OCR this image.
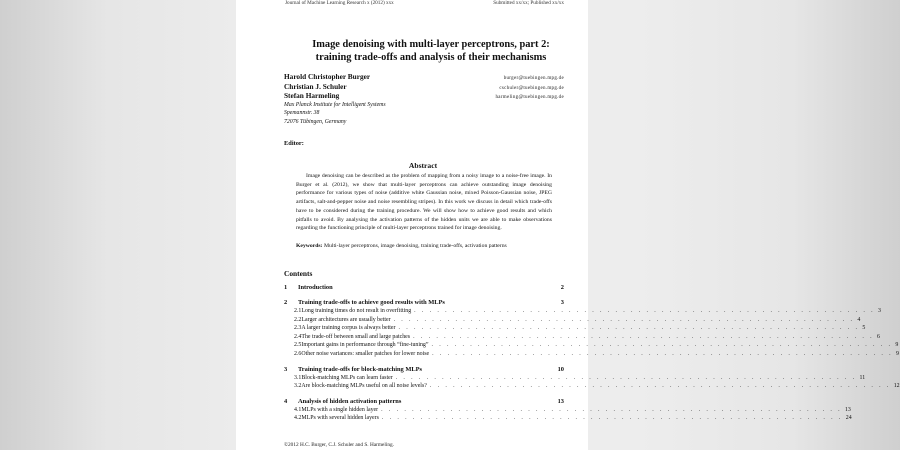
Journal of Machine Learning Research x (2012) xxx	Submitted xx/xx; Published xx/xx
Image denoising with multi-layer perceptrons, part 2:
training trade-offs and analysis of their mechanisms
Harold Christopher Burger	burger@tuebingen.mpg.de
Christian J. Schuler	cschuler@tuebingen.mpg.de
Stefan Harmeling	harmeling@tuebingen.mpg.de
Max Planck Institute for Intelligent Systems
Spemannstr. 38
72076 Tübingen, Germany
Editor:
Abstract
Image denoising can be described as the problem of mapping from a noisy image to a noise-free image. In Burger et al. (2012), we show that multi-layer perceptrons can achieve outstanding image denoising performance for various types of noise (additive white Gaussian noise, mixed Poisson-Gaussian noise, JPEG artifacts, salt-and-pepper noise and noise resembling stripes). In this work we discuss in detail which trade-offs have to be considered during the training procedure. We will show how to achieve good results and which pitfalls to avoid. By analysing the activation patterns of the hidden units we are able to make observations regarding the functioning principle of multi-layer perceptrons trained for image denoising.
Keywords: Multi-layer perceptrons, image denoising, training trade-offs, activation patterns
Contents
1	Introduction	2
2	Training trade-offs to achieve good results with MLPs	3
2.1 Long training times do not result in overfitting . . . . . . . . . . . . . . . . . . . . . . . . . . . . . . . . . . . . . . . . . . . . . . . . . . . . . . . . . . . . 3
2.2 Larger architectures are usually better . . . . . . . . . . . . . . . . . . . . . . . . . . . . . . . . . . . . . . . . . . . . . . . . . . . . . . . . . . . . 4
2.3 A larger training corpus is always better . . . . . . . . . . . . . . . . . . . . . . . . . . . . . . . . . . . . . . . . . . . . . . . . . . . . . . . . . . . . 5
2.4 The trade-off between small and large patches . . . . . . . . . . . . . . . . . . . . . . . . . . . . . . . . . . . . . . . . . . . . . . . . . . . . . . . . . . . . 6
2.5 Important gains in performance through “fine-tuning” . . . . . . . . . . . . . . . . . . . . . . . . . . . . . . . . . . . . . . . . . . . . . . . . . . . . . . . . . . . . 9
2.6 Other noise variances: smaller patches for lower noise . . . . . . . . . . . . . . . . . . . . . . . . . . . . . . . . . . . . . . . . . . . . . . . . . . . . . . . . . . . . 9
3	Training trade-offs for block-matching MLPs	10
3.1 Block-matching MLPs can learn faster . . . . . . . . . . . . . . . . . . . . . . . . . . . . . . . . . . . . . . . . . . . . . . . . . . . . . . . . . . . . 11
3.2 Are block-matching MLPs useful on all noise levels? . . . . . . . . . . . . . . . . . . . . . . . . . . . . . . . . . . . . . . . . . . . . . . . . . . . . . . . . . . . . 12
4	Analysis of hidden activation patterns	13
4.1 MLPs with a single hidden layer . . . . . . . . . . . . . . . . . . . . . . . . . . . . . . . . . . . . . . . . . . . . . . . . . . . . . . . . . . . . 13
4.2 MLPs with several hidden layers . . . . . . . . . . . . . . . . . . . . . . . . . . . . . . . . . . . . . . . . . . . . . . . . . . . . . . . . . . . . 24
©2012 H.C. Burger, C.J. Schuler and S. Harmeling.
